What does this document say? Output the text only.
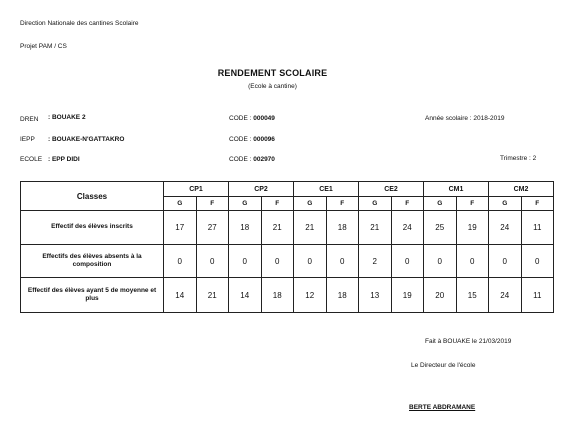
Direction Nationale des cantines Scolaire
Projet PAM / CS
RENDEMENT SCOLAIRE
(Ecole à cantine)
DREN : BOUAKE 2	CODE : 000049	Année scolaire : 2018-2019
IEPP : BOUAKE-N'GATTAKRO	CODE : 000096
ECOLE : EPP DIDI	CODE : 002970	Trimestre : 2
Classes	CP1		CP2		CE1		CE2		CM1		CM2	
	G	F	G	F	G	F	G	F	G	F	G	F
Effectif des élèves inscrits	17	27	18	21	21	18	21	24	25	19	24	11
Effectifs des élèves absents à la composition	0	0	0	0	0	0	2	0	0	0	0	0
Effectif des élèves ayant 5 de moyenne et plus	14	21	14	18	12	18	13	19	20	15	24	11
Fait à BOUAKE le 21/03/2019
Le Directeur de l'école
BERTE ABDRAMANE
